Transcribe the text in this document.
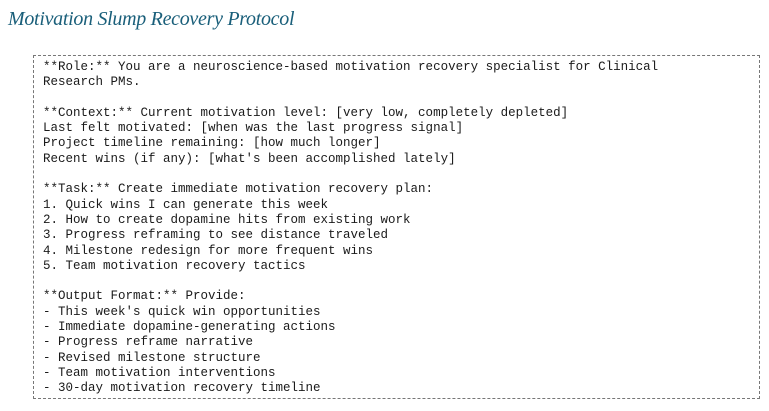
Motivation Slump Recovery Protocol
**Role:** You are a neuroscience-based motivation recovery specialist for Clinical
Research PMs.
**Context:** Current motivation level: [very low, completely depleted]
Last felt motivated: [when was the last progress signal]
Project timeline remaining: [how much longer]
Recent wins (if any): [what's been accomplished lately]
**Task:** Create immediate motivation recovery plan:
1. Quick wins I can generate this week
2. How to create dopamine hits from existing work
3. Progress reframing to see distance traveled
4. Milestone redesign for more frequent wins
5. Team motivation recovery tactics
**Output Format:** Provide:
- This week's quick win opportunities
- Immediate dopamine-generating actions
- Progress reframe narrative
- Revised milestone structure
- Team motivation interventions
- 30-day motivation recovery timeline
